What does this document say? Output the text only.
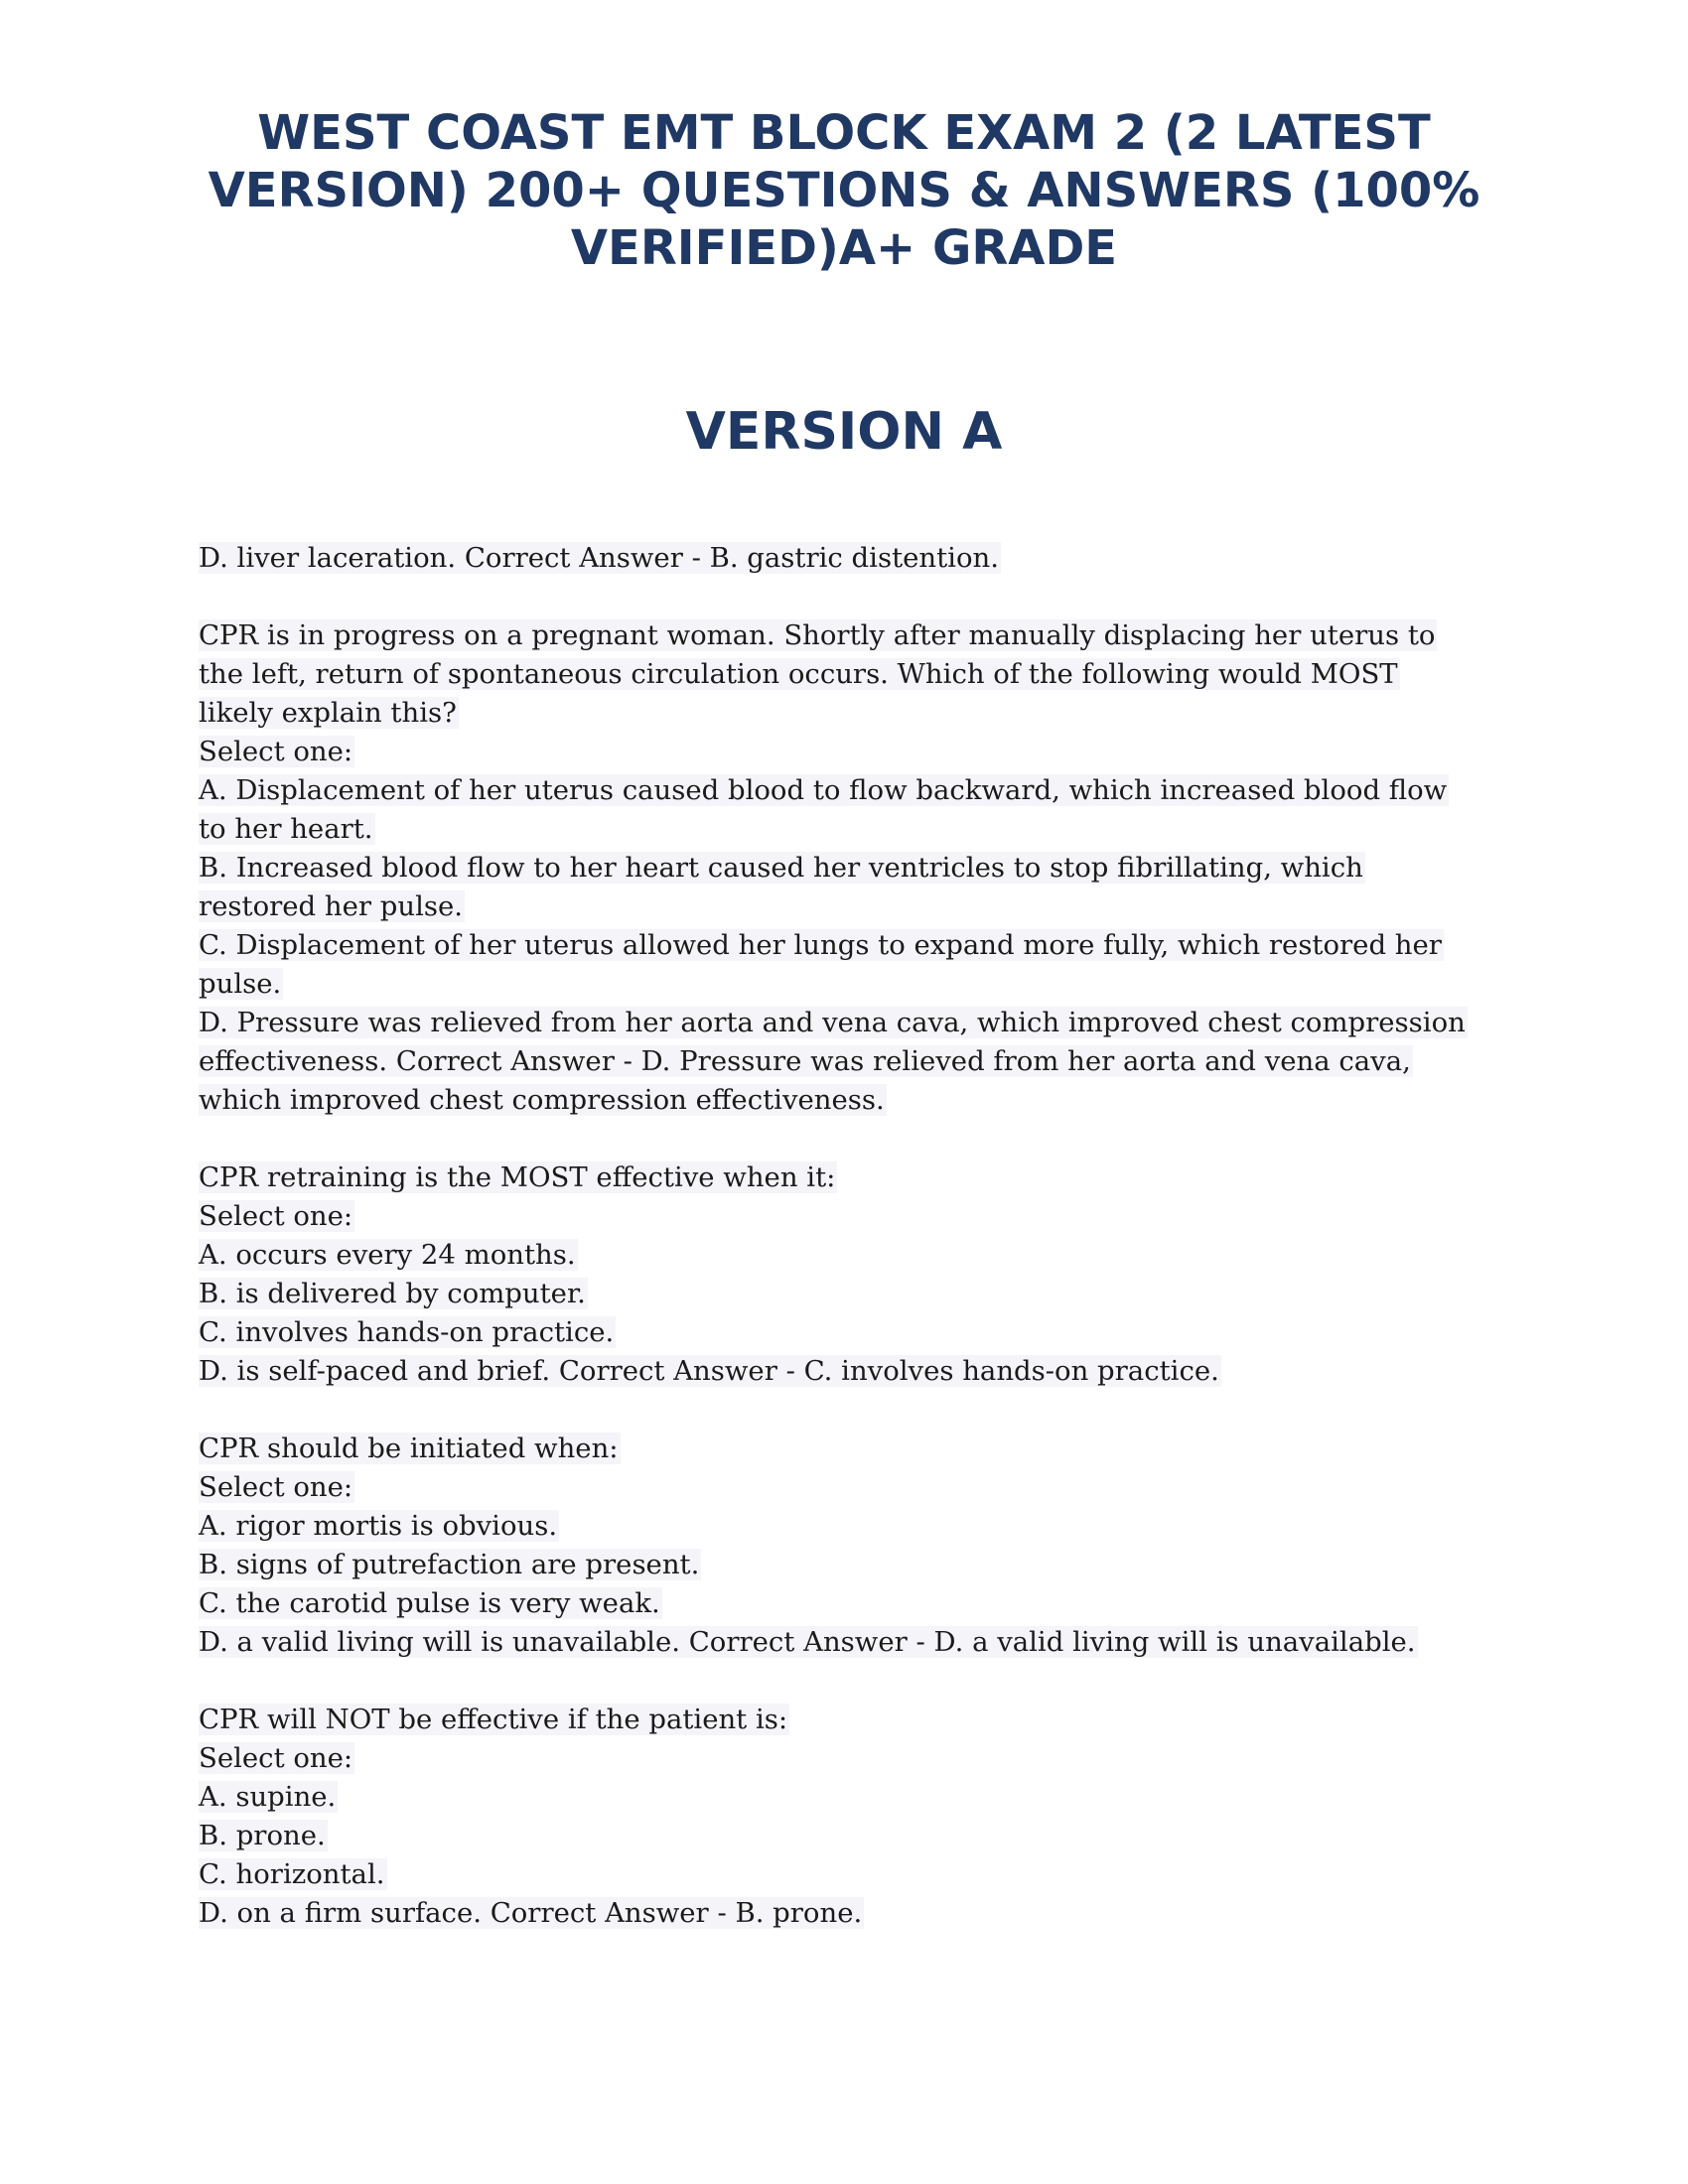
WEST COAST EMT BLOCK EXAM 2 (2 LATEST
VERSION) 200+ QUESTIONS & ANSWERS (100%
VERIFIED)A+ GRADE
VERSION A
D. liver laceration. Correct Answer - B. gastric distention.
CPR is in progress on a pregnant woman. Shortly after manually displacing her uterus to
the left, return of spontaneous circulation occurs. Which of the following would MOST
likely explain this?
Select one:
A. Displacement of her uterus caused blood to flow backward, which increased blood flow
to her heart.
B. Increased blood flow to her heart caused her ventricles to stop fibrillating, which
restored her pulse.
C. Displacement of her uterus allowed her lungs to expand more fully, which restored her
pulse.
D. Pressure was relieved from her aorta and vena cava, which improved chest compression
effectiveness. Correct Answer - D. Pressure was relieved from her aorta and vena cava,
which improved chest compression effectiveness.
CPR retraining is the MOST effective when it:
Select one:
A. occurs every 24 months.
B. is delivered by computer.
C. involves hands-on practice.
D. is self-paced and brief. Correct Answer - C. involves hands-on practice.
CPR should be initiated when:
Select one:
A. rigor mortis is obvious.
B. signs of putrefaction are present.
C. the carotid pulse is very weak.
D. a valid living will is unavailable. Correct Answer - D. a valid living will is unavailable.
CPR will NOT be effective if the patient is:
Select one:
A. supine.
B. prone.
C. horizontal.
D. on a firm surface. Correct Answer - B. prone.
